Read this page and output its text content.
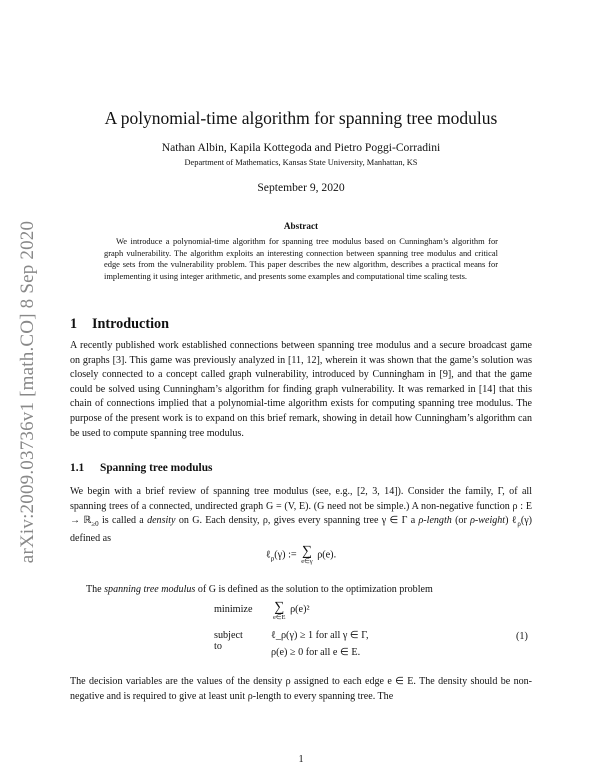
arXiv:2009.03736v1 [math.CO] 8 Sep 2020
A polynomial-time algorithm for spanning tree modulus
Nathan Albin, Kapila Kottegoda and Pietro Poggi-Corradini
Department of Mathematics, Kansas State University, Manhattan, KS
September 9, 2020
Abstract

We introduce a polynomial-time algorithm for spanning tree modulus based on Cunningham’s algorithm for graph vulnerability. The algorithm exploits an interesting connection between spanning tree modulus and critical edge sets from the vulnerability problem. This paper describes the new algorithm, describes a practical means for implementing it using integer arithmetic, and presents some examples and computational time scaling tests.

1 Introduction

A recently published work established connections between spanning tree modulus and a secure broadcast game on graphs [3]. This game was previously analyzed in [11, 12], wherein it was shown that the game’s solution was closely connected to a concept called graph vulnerability, introduced by Cunningham in [9], and that the game could be solved using Cunningham’s algorithm for finding graph vulnerability. It was remarked in [14] that this chain of connections implied that a polynomial-time algorithm exists for computing spanning tree modulus. The purpose of the present work is to expand on this brief remark, showing in detail how Cunningham’s algorithm can be used to compute spanning tree modulus.

1.1 Spanning tree modulus

We begin with a brief review of spanning tree modulus (see, e.g., [2, 3, 14]). Consider the family, Γ, of all spanning trees of a connected, undirected graph G = (V, E). (G need not be simple.) A non-negative function ρ : E → ℝ$_{\ge 0}$ is called a density on G. Each density, ρ, gives every spanning tree γ ∈ Γ a ρ-length (or ρ-weight) ℓ$_\rho$(γ) defined as

ℓ$_\rho$(γ) := ∑
e∈γ
ρ(e).

The spanning tree modulus of G is defined as the solution to the optimization problem

minimize ∑
e∈E
ρ(e)²
subject to
ℓ_ρ(γ) ≥ 1 for all γ ∈ Γ,
ρ(e) ≥ 0 for all e ∈ E.
(1)

The decision variables are the values of the density ρ assigned to each edge e ∈ E. The density should be non-negative and is required to give at least unit ρ-length to every spanning tree. The

1
